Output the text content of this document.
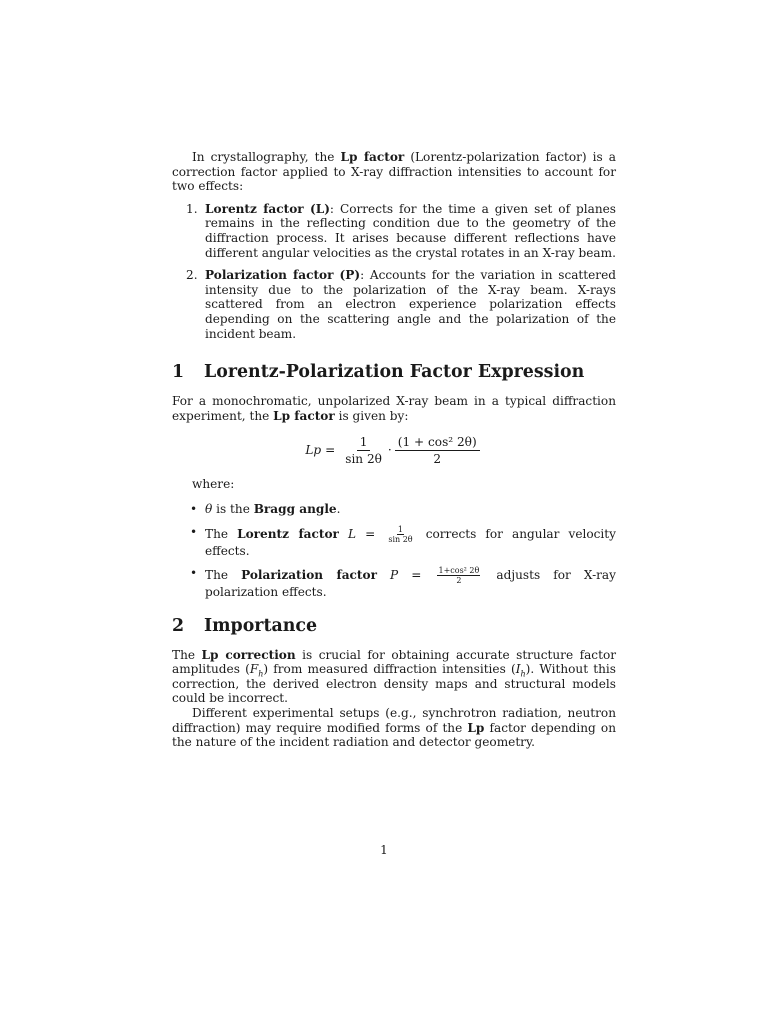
In crystallography, the Lp factor (Lorentz-polarization factor) is a correction factor applied to X-ray diffraction intensities to account for two effects:

1. Lorentz factor (L): Corrects for the time a given set of planes remains in the reflecting condition due to the geometry of the diffraction process. It arises because different reflections have different angular velocities as the crystal rotates in an X-ray beam.
2. Polarization factor (P): Accounts for the variation in scattered intensity due to the polarization of the X-ray beam. X-rays scattered from an electron experience polarization effects depending on the scattering angle and the polarization of the incident beam.
1	Lorentz-Polarization Factor Expression

For a monochromatic, unpolarized X-ray beam in a typical diffraction experiment, the Lp factor is given by:

$Lp = \frac{1}{\sin 2\theta} \cdot \frac{\text{(1 + cos² 2θ)}}{2}$

where:

• θ is the Bragg angle.
• The Lorentz factor $L = \frac{1}{\sin 2\theta}$ corrects for angular velocity effects.
• The Polarization factor $P = \frac{\text{1+cos² 2θ}}{2}$ adjusts for X-ray polarization effects.
2	Importance

The Lp correction is crucial for obtaining accurate structure factor amplitudes $(F_h)$ from measured diffraction intensities $(I_h)$. Without this correction, the derived electron density maps and structural models could be incorrect.

Different experimental setups (e.g., synchrotron radiation, neutron diffraction) may require modified forms of the Lp factor depending on the nature of the incident radiation and detector geometry.

1
